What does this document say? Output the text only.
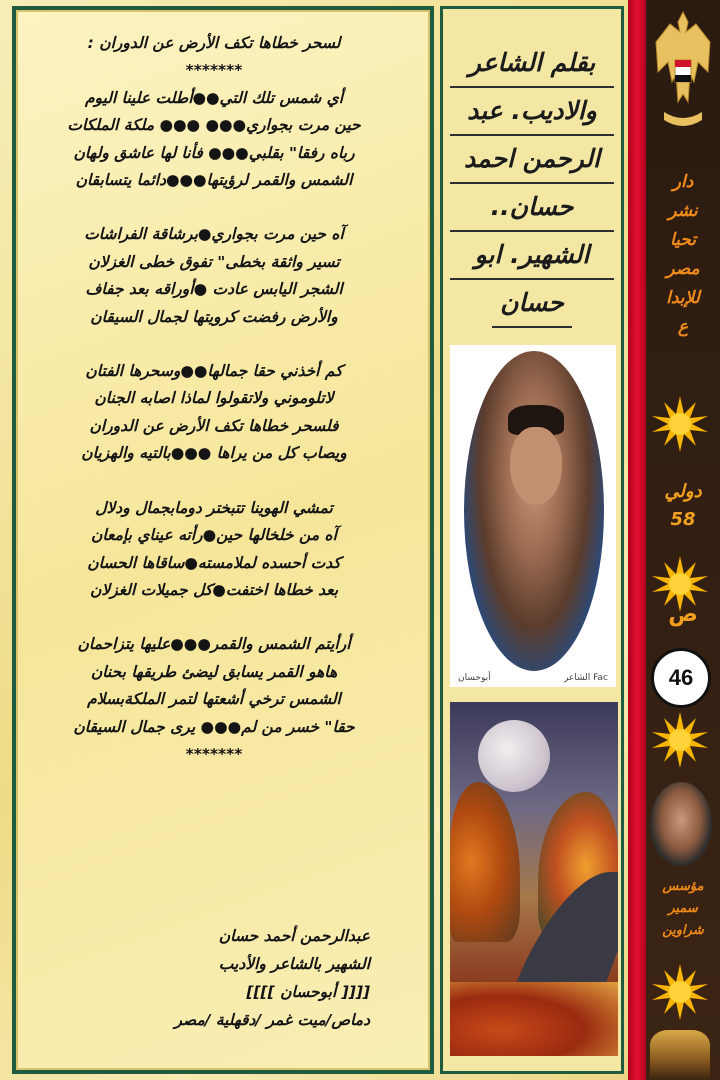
لسحر خطاها تكف الأرض عن الدوران :

*******

أي شمس تلك التي●●أطلت علينا اليوم

حين مرت بجواري●●● ●●● ملكة الملكات

رباه رفقا" بقلبي●●● فأنا لها عاشق ولهان

الشمس والقمر لرؤيتها●●●دائما يتسابقان

آه حين مرت بجواري●برشاقة الفراشات

تسير واثقة بخطى" تفوق خطى الغزلان

الشجر اليابس عادت ●أوراقه بعد جفاف

والأرض رفضت كرويتها لجمال السيقان

كم أخذني حقا جمالها●●وسحرها الفتان

لاتلوموني ولاتقولوا لماذا اصابه الجنان

فلسحر خطاها تكف الأرض عن الدوران

ويصاب كل من يراها ●●●بالتيه والهزيان

تمشي الهوينا تتبختر دومابجمال ودلال

آه من خلخالها حين●رأته عيناي بإمعان

كدت أحسده لملامسته●ساقاها الحسان

بعد خطاها اختفت●كل جميلات الغزلان

أرأيتم الشمس والقمر●●●عليها يتزاحمان

هاهو القمر يسابق ليضئ طريقها بحنان

الشمس ترخي أشعتها لتمر الملكةبسلام

حقا" خسر من لم●●● يرى جمال السيقان

*******

عبدالرحمن أحمد حسان

الشهير بالشاعر والأديب

[[[[ أبوحسان ]]]]

دماص/ميت غمر /دقهلية /مصر

بقلم الشاعر

والاديب. عبد

الرحمن احمد

حسان..

الشهير. ابو

حسان

أبوحسان	الشاعر Fac

دار

نشر

تحيا

مصر

للإبدا

ع

دولي

58

ص
46

مؤسس

سمير

شراوين
